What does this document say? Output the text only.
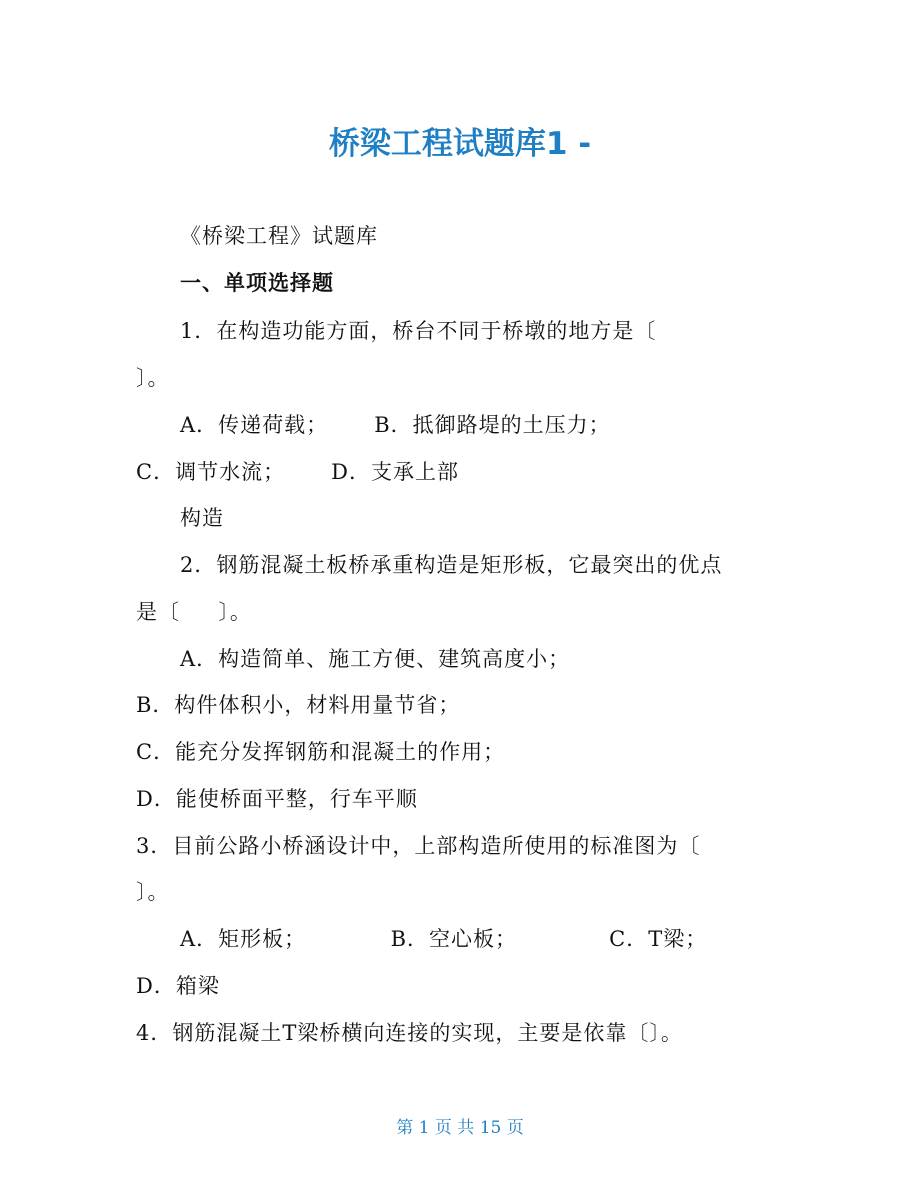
桥梁工程试题库1 -
《桥梁工程》试题库
一、单项选择题
1．在构造功能方面，桥台不同于桥墩的地方是〔
〕。
A．传递荷载；      B．抵御路堤的土压力；
C．调节水流；      D．支承上部
构造
2．钢筋混凝土板桥承重构造是矩形板，它最突出的优点
是〔     〕。
A．构造简单、施工方便、建筑高度小；
B．构件体积小，材料用量节省；
C．能充分发挥钢筋和混凝土的作用；
D．能使桥面平整，行车平顺
3．目前公路小桥涵设计中，上部构造所使用的标准图为〔
〕。
A．矩形板；           B．空心板；            C．T梁；
D．箱梁
4．钢筋混凝土T梁桥横向连接的实现，主要是依靠〔〕。
第 1 页 共 15 页
